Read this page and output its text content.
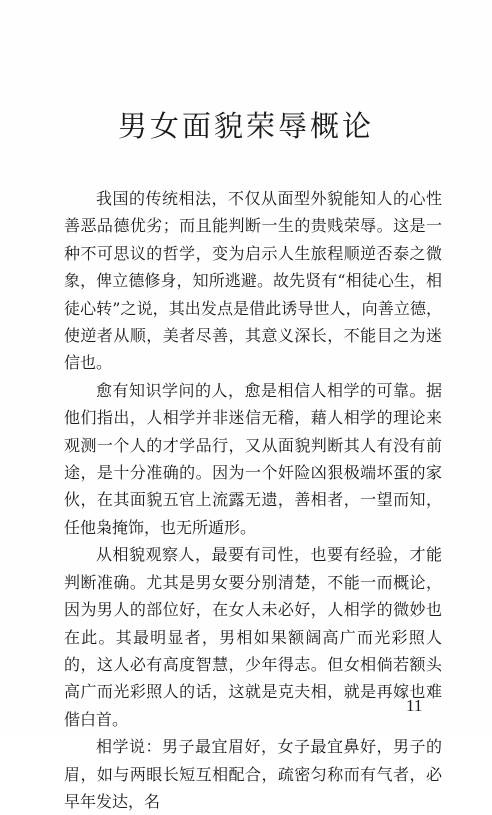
男女面貌荣辱概论

我国的传统相法，不仅从面型外貌能知人的心性善恶品德优劣；而且能判断一生的贵贱荣辱。这是一种不可思议的哲学，变为启示人生旅程顺逆否泰之微象，俾立德修身，知所逃避。故先贤有“相徒心生，相徒心转”之说，其出发点是借此诱导世人，向善立德，使逆者从顺，美者尽善，其意义深长，不能目之为迷信也。

愈有知识学问的人，愈是相信人相学的可靠。据他们指出，人相学并非迷信无稽，藉人相学的理论来观测一个人的才学品行，又从面貌判断其人有没有前途，是十分准确的。因为一个奸险凶狠极端坏蛋的家伙，在其面貌五官上流露无遗，善相者，一望而知，任他枭掩饰，也无所遁形。

从相貌观察人，最要有司性，也要有经验，才能判断准确。尤其是男女要分别清楚，不能一而概论，因为男人的部位好，在女人未必好，人相学的微妙也在此。其最明显者，男相如果额阔高广而光彩照人的，这人必有高度智慧，少年得志。但女相倘若额头高广而光彩照人的话，这就是克夫相，就是再嫁也难偕白首。

相学说：男子最宜眉好，女子最宜鼻好，男子的眉，如与两眼长短互相配合，疏密匀称而有气者，必早年发达，名

11
